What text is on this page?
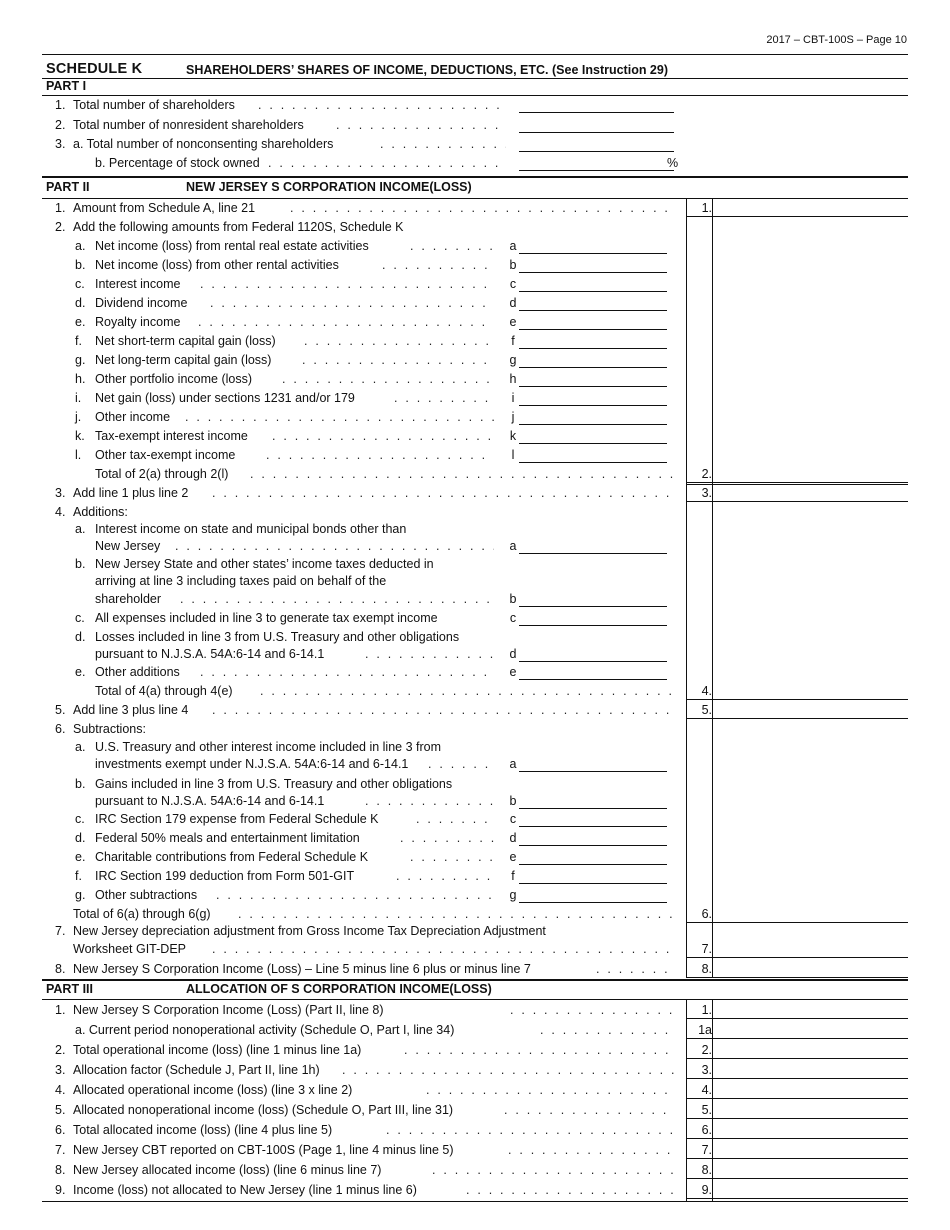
2017 – CBT-100S – Page 10
SCHEDULE K	SHAREHOLDERS’ SHARES OF INCOME, DEDUCTIONS, ETC. (See Instruction 29)
PART I
PART II	NEW JERSEY S CORPORATION INCOME(LOSS)
PART III	ALLOCATION OF S CORPORATION INCOME(LOSS)
1. Total number of shareholders
. . .
2. Total number of nonresident shareholders
. . .
3. a. Total number of nonconsenting shareholders
. . .
b. Percentage of stock owned . . .	%
1. Amount from Schedule A, line 21 . . .	1.
2. Add the following amounts from Federal 1120S, Schedule K
a. Net income (loss) from rental real estate activities . . .	a
b. Net income (loss) from other rental activities . . .	b
c. Interest income . . .	c
d. Dividend income . . .	d
e. Royalty income . . .	e
f. Net short-term capital gain (loss) . . .	f
g. Net long-term capital gain (loss) . . .	g
h. Other portfolio income (loss) . . .	h
i. Net gain (loss) under sections 1231 and/or 179 . . .	i
j. Other income . . .	j
k. Tax-exempt interest income . . .	k
l. Other tax-exempt income . . .	l
Total of 2(a) through 2(l) . . .	2.
3. Add line 1 plus line 2 . . .	3.
4. Additions:
a. Interest income on state and municipal bonds other than
New Jersey . . .	a
b. New Jersey State and other states’ income taxes deducted in
arriving at line 3 including taxes paid on behalf of the
shareholder . . .	b
c. All expenses included in line 3 to generate tax exempt income	c
d. Losses included in line 3 from U.S. Treasury and other obligations
pursuant to N.J.S.A. 54A:6-14 and 6-14.1 . . .	d
e. Other additions . . .	e
Total of 4(a) through 4(e) . . .	4.
5. Add line 3 plus line 4 . . .	5.
6. Subtractions:
a. U.S. Treasury and other interest income included in line 3 from
investments exempt under N.J.S.A. 54A:6-14 and 6-14.1 . . .	a
b. Gains included in line 3 from U.S. Treasury and other obligations
pursuant to N.J.S.A. 54A:6-14 and 6-14.1 . . .	b
c. IRC Section 179 expense from Federal Schedule K . . .	c
d. Federal 50% meals and entertainment limitation . . .	d
e. Charitable contributions from Federal Schedule K . . .	e
f. IRC Section 199 deduction from Form 501-GIT . . .	f
g. Other subtractions . . .	g
Total of 6(a) through 6(g) . . .	6.
7. New Jersey depreciation adjustment from Gross Income Tax Depreciation Adjustment
Worksheet GIT-DEP . . .	7.
8. New Jersey S Corporation Income (Loss) – Line 5 minus line 6 plus or minus line 7 . . .	8.
1. New Jersey S Corporation Income (Loss) (Part II, line 8) . . .	1.
a. Current period nonoperational activity (Schedule O, Part I, line 34) . . .	1a
2. Total operational income (loss) (line 1 minus line 1a) . . .	2.
3. Allocation factor (Schedule J, Part II, line 1h) . . .	3.
4. Allocated operational income (loss) (line 3 x line 2) . . .	4.
5. Allocated nonoperational income (loss) (Schedule O, Part III, line 31) . . .	5.
6. Total allocated income (loss) (line 4 plus line 5) . . .	6.
7. New Jersey CBT reported on CBT-100S (Page 1, line 4 minus line 5) . . .	7.
8. New Jersey allocated income (loss) (line 6 minus line 7) . . .	8.
9. Income (loss) not allocated to New Jersey (line 1 minus line 6) . . .	9.
